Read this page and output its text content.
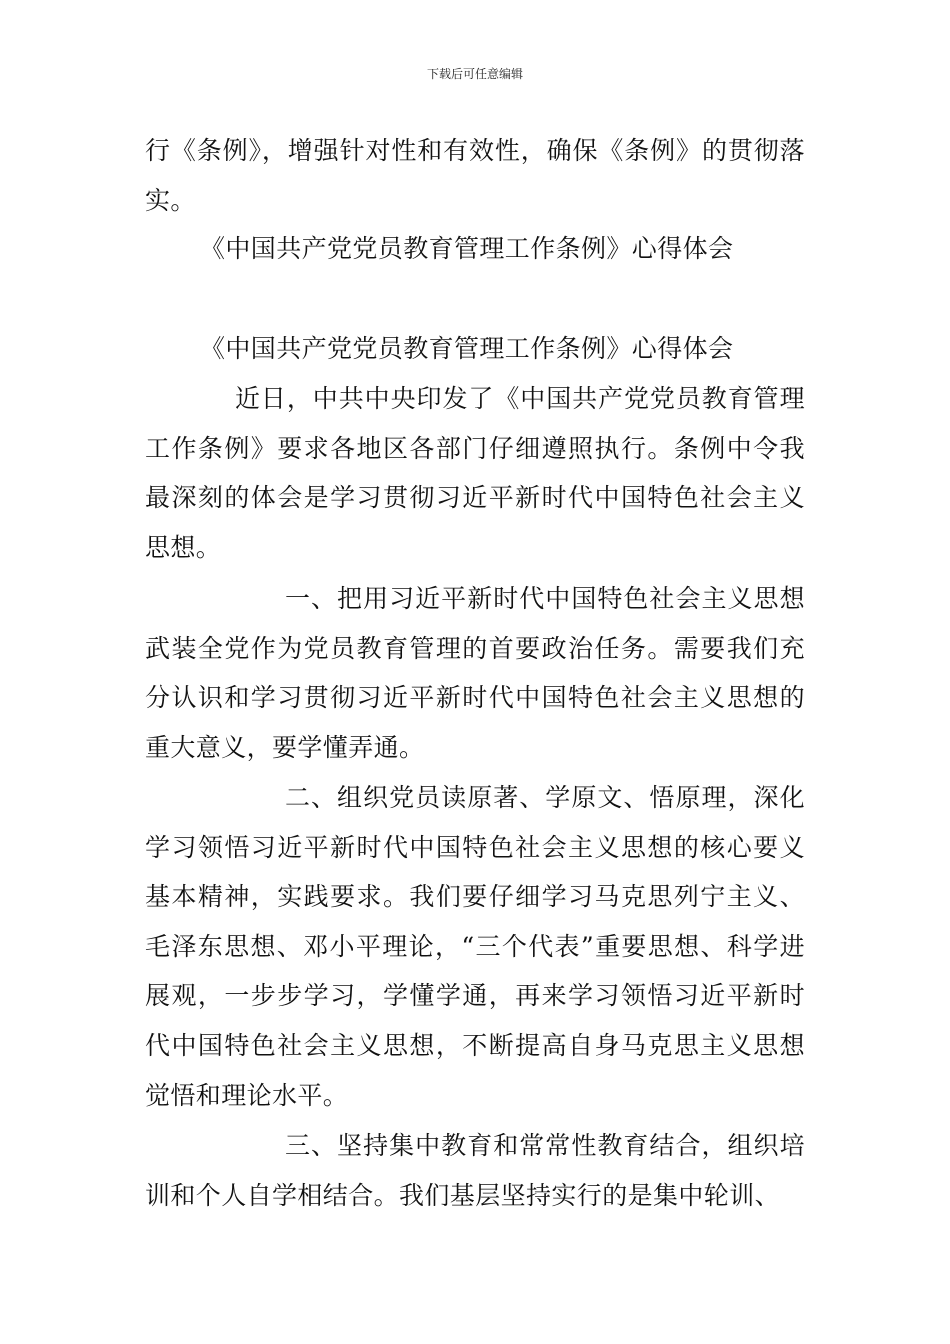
下载后可任意编辑

行《条例》，增强针对性和有效性，确保《条例》的贯彻落实。

《中国共产党党员教育管理工作条例》心得体会

《中国共产党党员教育管理工作条例》心得体会

近日，中共中央印发了《中国共产党党员教育管理工作条例》要求各地区各部门仔细遵照执行。条例中令我最深刻的体会是学习贯彻习近平新时代中国特色社会主义思想。

一、把用习近平新时代中国特色社会主义思想武装全党作为党员教育管理的首要政治任务。需要我们充分认识和学习贯彻习近平新时代中国特色社会主义思想的重大意义，要学懂弄通。

二、组织党员读原著、学原文、悟原理，深化学习领悟习近平新时代中国特色社会主义思想的核心要义基本精神，实践要求。我们要仔细学习马克思列宁主义、毛泽东思想、邓小平理论，“三个代表”重要思想、科学进展观，一步步学习，学懂学通，再来学习领悟习近平新时代中国特色社会主义思想，不断提高自身马克思主义思想觉悟和理论水平。

三、坚持集中教育和常常性教育结合，组织培训和个人自学相结合。我们基层坚持实行的是集中轮训、
